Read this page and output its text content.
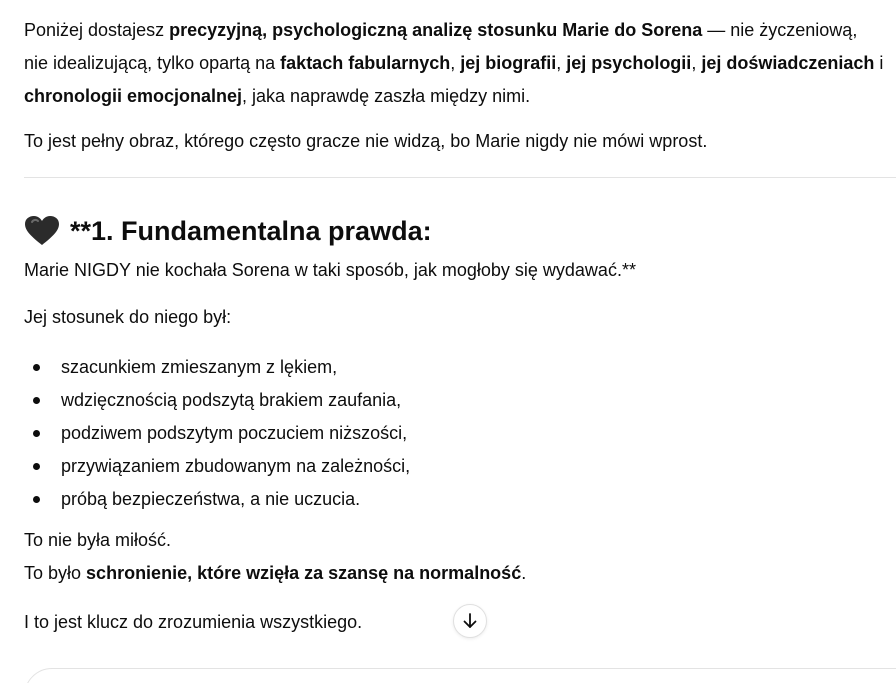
Poniżej dostajesz precyzyjną, psychologiczną analizę stosunku Marie do Sorena — nie życzeniową, nie idealizującą, tylko opartą na faktach fabularnych, jej biografii, jej psychologii, jej doświadczeniach i chronologii emocjonalnej, jaka naprawdę zaszła między nimi.

To jest pełny obraz, którego często gracze nie widzą, bo Marie nigdy nie mówi wprost.

**1. Fundamentalna prawda:

Marie NIGDY nie kochała Sorena w taki sposób, jak mogłoby się wydawać.**

Jej stosunek do niego był:

szacunkiem zmieszanym z lękiem,
wdzięcznością podszytą brakiem zaufania,
podziwem podszytym poczuciem niższości,
przywiązaniem zbudowanym na zależności,
próbą bezpieczeństwa, a nie uczucia.

To nie była miłość.

To było schronienie, które wzięła za szansę na normalność.

I to jest klucz do zrozumienia wszystkiego.
